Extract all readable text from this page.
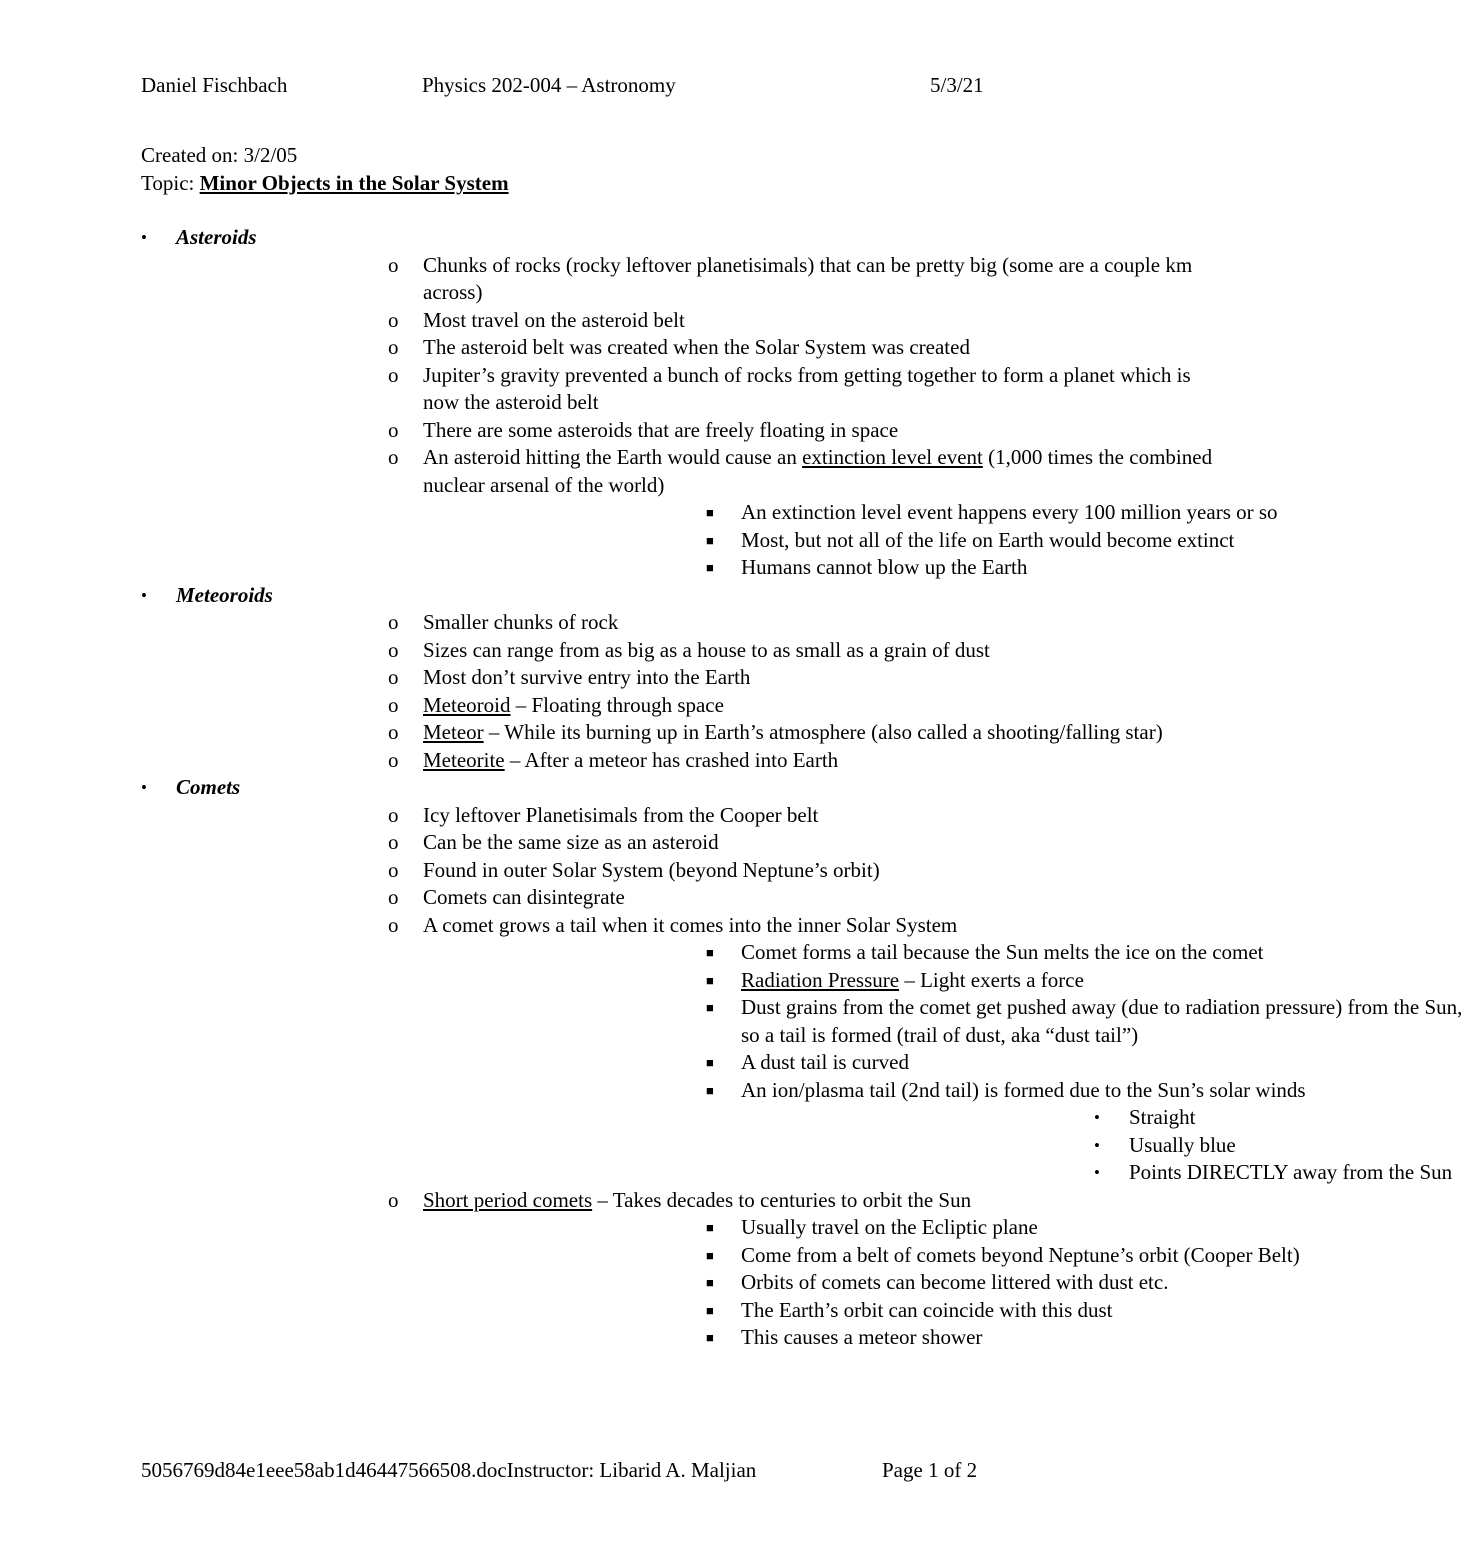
Daniel Fischbach	Physics 202-004 – Astronomy	5/3/21
Created on: 3/2/05
Topic: Minor Objects in the Solar System
• Asteroids
o Chunks of rocks (rocky leftover planetisimals) that can be pretty big (some are a couple km across)
o Most travel on the asteroid belt
o The asteroid belt was created when the Solar System was created
o Jupiter’s gravity prevented a bunch of rocks from getting together to form a planet which is now the asteroid belt
o There are some asteroids that are freely floating in space
o An asteroid hitting the Earth would cause an extinction level event (1,000 times the combined nuclear arsenal of the world)
■ An extinction level event happens every 100 million years or so
■ Most, but not all of the life on Earth would become extinct
■ Humans cannot blow up the Earth
• Meteoroids
o Smaller chunks of rock
o Sizes can range from as big as a house to as small as a grain of dust
o Most don’t survive entry into the Earth
o Meteoroid – Floating through space
o Meteor – While its burning up in Earth’s atmosphere (also called a shooting/falling star)
o Meteorite – After a meteor has crashed into Earth
• Comets
o Icy leftover Planetisimals from the Cooper belt
o Can be the same size as an asteroid
o Found in outer Solar System (beyond Neptune’s orbit)
o Comets can disintegrate
o A comet grows a tail when it comes into the inner Solar System
■ Comet forms a tail because the Sun melts the ice on the comet
■ Radiation Pressure – Light exerts a force
■ Dust grains from the comet get pushed away (due to radiation pressure) from the Sun, so a tail is formed (trail of dust, aka “dust tail”)
■ A dust tail is curved
■ An ion/plasma tail (2nd tail) is formed due to the Sun’s solar winds
• Straight
• Usually blue
• Points DIRECTLY away from the Sun
o Short period comets – Takes decades to centuries to orbit the Sun
■ Usually travel on the Ecliptic plane
■ Come from a belt of comets beyond Neptune’s orbit (Cooper Belt)
■ Orbits of comets can become littered with dust etc.
■ The Earth’s orbit can coincide with this dust
■ This causes a meteor shower
5056769d84e1eee58ab1d46447566508.docInstructor: Libarid A. Maljian	Page 1 of 2
